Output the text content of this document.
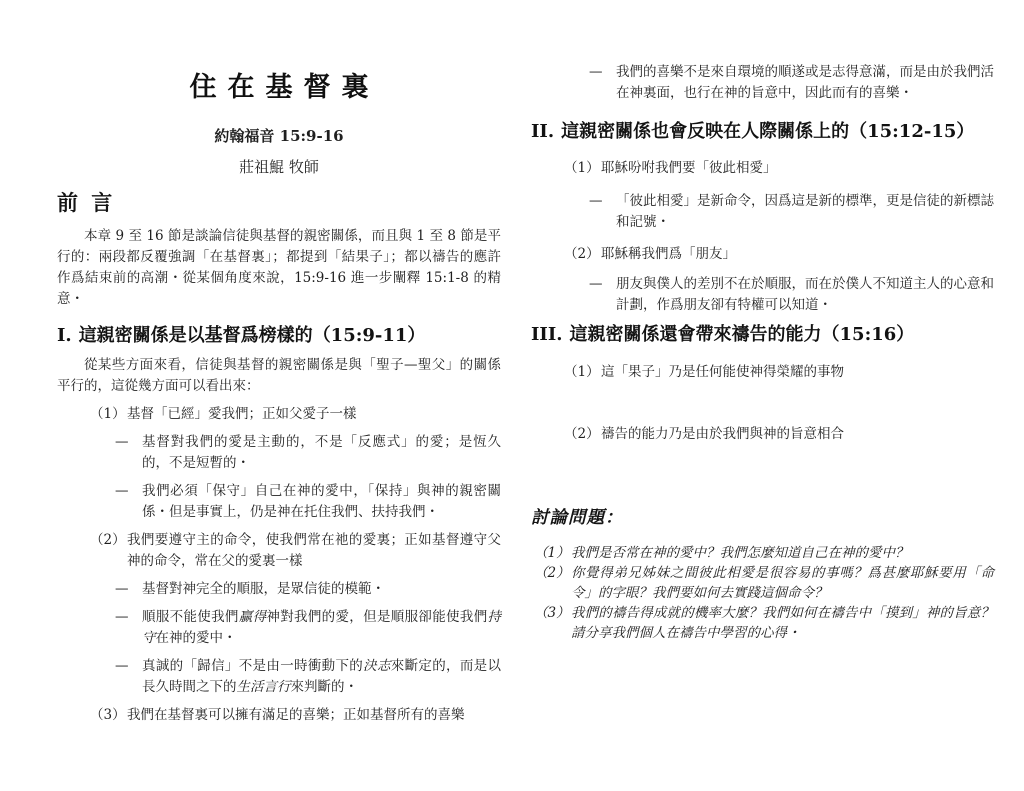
住在基督裏
約翰福音 15:9-16
莊祖鯤 牧師
前 言

本章 9 至 16 節是談論信徒與基督的親密關係，而且與 1 至 8 節是平行的：兩段都反覆強調「在基督裏」；都提到「結果子」；都以禱告的應許作爲結束前的高潮・從某個角度來說，15:9-16 進一步闡釋 15:1-8 的精意・

I. 這親密關係是以基督爲榜樣的（15:9-11）

從某些方面來看，信徒與基督的親密關係是與「聖子—聖父」的關係平行的，這從幾方面可以看出來：

（1） 基督「已經」愛我們；正如父愛子一樣
—	基督對我們的愛是主動的，不是「反應式」的愛；是恆久的，不是短暫的・
—	我們必須「保守」自己在神的愛中，「保持」與神的親密關係・但是事實上，仍是神在托住我們、扶持我們・
（2） 我們要遵守主的命令，使我們常在祂的愛裏；正如基督遵守父神的命令，常在父的愛裏一樣
—	基督對神完全的順服，是眾信徒的模範・
—	順服不能使我們贏得神對我們的愛，但是順服卻能使我們持守在神的愛中・
—	真誠的「歸信」不是由一時衝動下的決志來斷定的，而是以長久時間之下的生活言行來判斷的・
（3） 我們在基督裏可以擁有滿足的喜樂；正如基督所有的喜樂
—	我們的喜樂不是來自環境的順遂或是志得意滿，而是由於我們活在神裏面，也行在神的旨意中，因此而有的喜樂・
II. 這親密關係也會反映在人際關係上的（15:12-15）
（1） 耶穌吩咐我們要「彼此相愛」
—	「彼此相愛」是新命令，因爲這是新的標準，更是信徒的新標誌和記號・
（2） 耶穌稱我們爲「朋友」
—	朋友與僕人的差別不在於順服，而在於僕人不知道主人的心意和計劃，作爲朋友卻有特權可以知道・
III. 這親密關係還會帶來禱告的能力（15:16）
（1） 這「果子」乃是任何能使神得榮耀的事物
（2） 禱告的能力乃是由於我們與神的旨意相合
討論問題：
（1） 我們是否常在神的愛中？我們怎麼知道自己在神的愛中？
（2） 你覺得弟兄姊妹之間彼此相愛是很容易的事嗎？爲甚麼耶穌要用「命令」的字眼？我們要如何去實踐這個命令？
（3） 我們的禱告得成就的機率大麼？我們如何在禱告中「摸到」神的旨意？請分享我們個人在禱告中學習的心得・
